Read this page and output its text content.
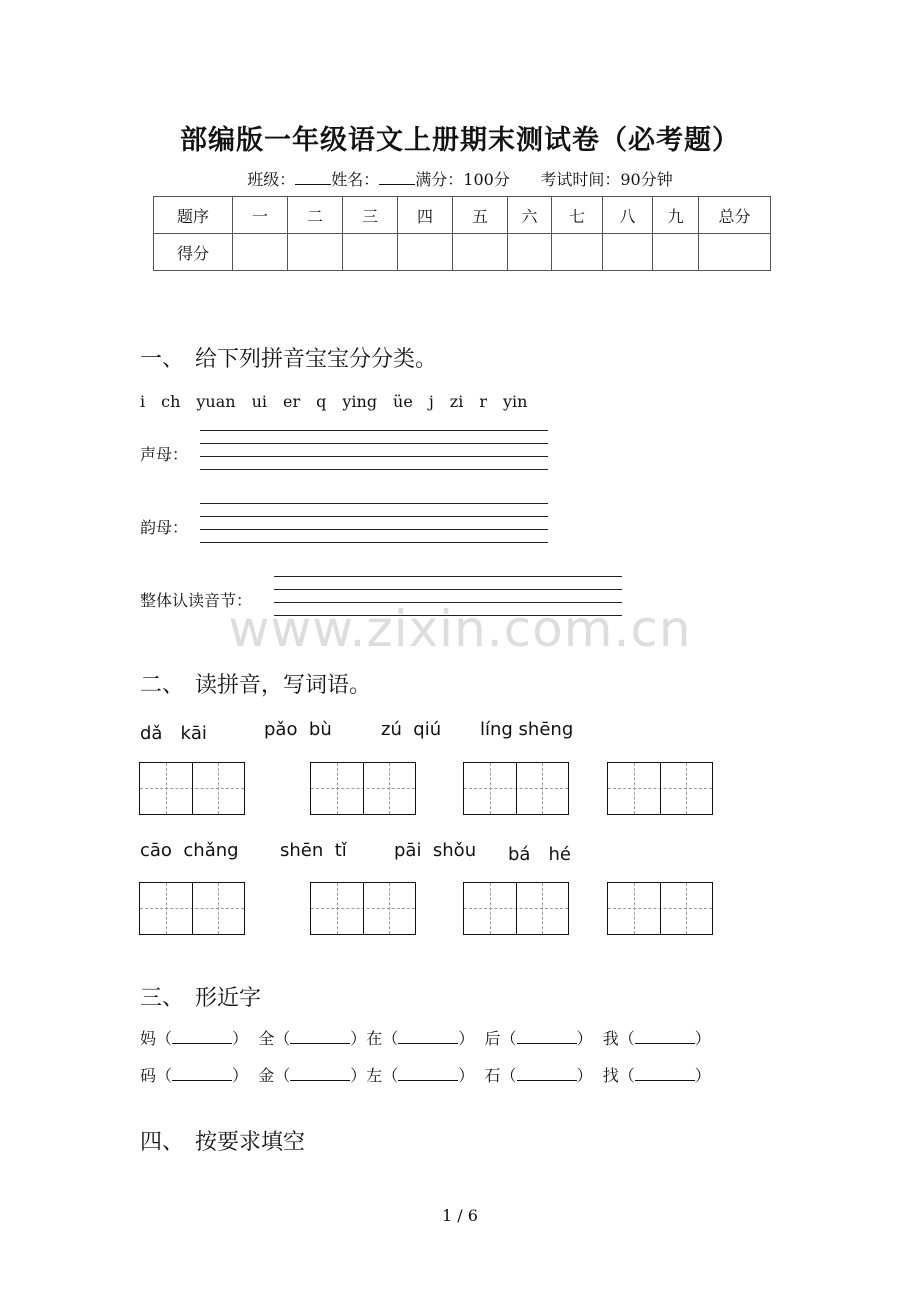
部编版一年级语文上册期末测试卷（必考题）
班级： 姓名： 满分：100分 考试时间：90分钟
题序	一	二	三	四	五	六	七	八	九	总分
得分										
一、　给下列拼音宝宝分分类。
i　ch　yuan　ui　er　q　ying　üe　j　zi　r　yin
声母：
韵母：
整体认读音节：
www.zixin.com.cn
二、　读拼音，写词语。
dǎ　kāi	pǎo  bù	zú  qiú líng shēng
cāo  chǎng shēn  tǐ	pāi  shǒu bá　hé
三、　形近字
妈（	）  全（	）在（	）  后（	）  我（	）
码（	）  金（	）左（	）  石（	）  找（	）
四、　按要求填空
1 / 6
